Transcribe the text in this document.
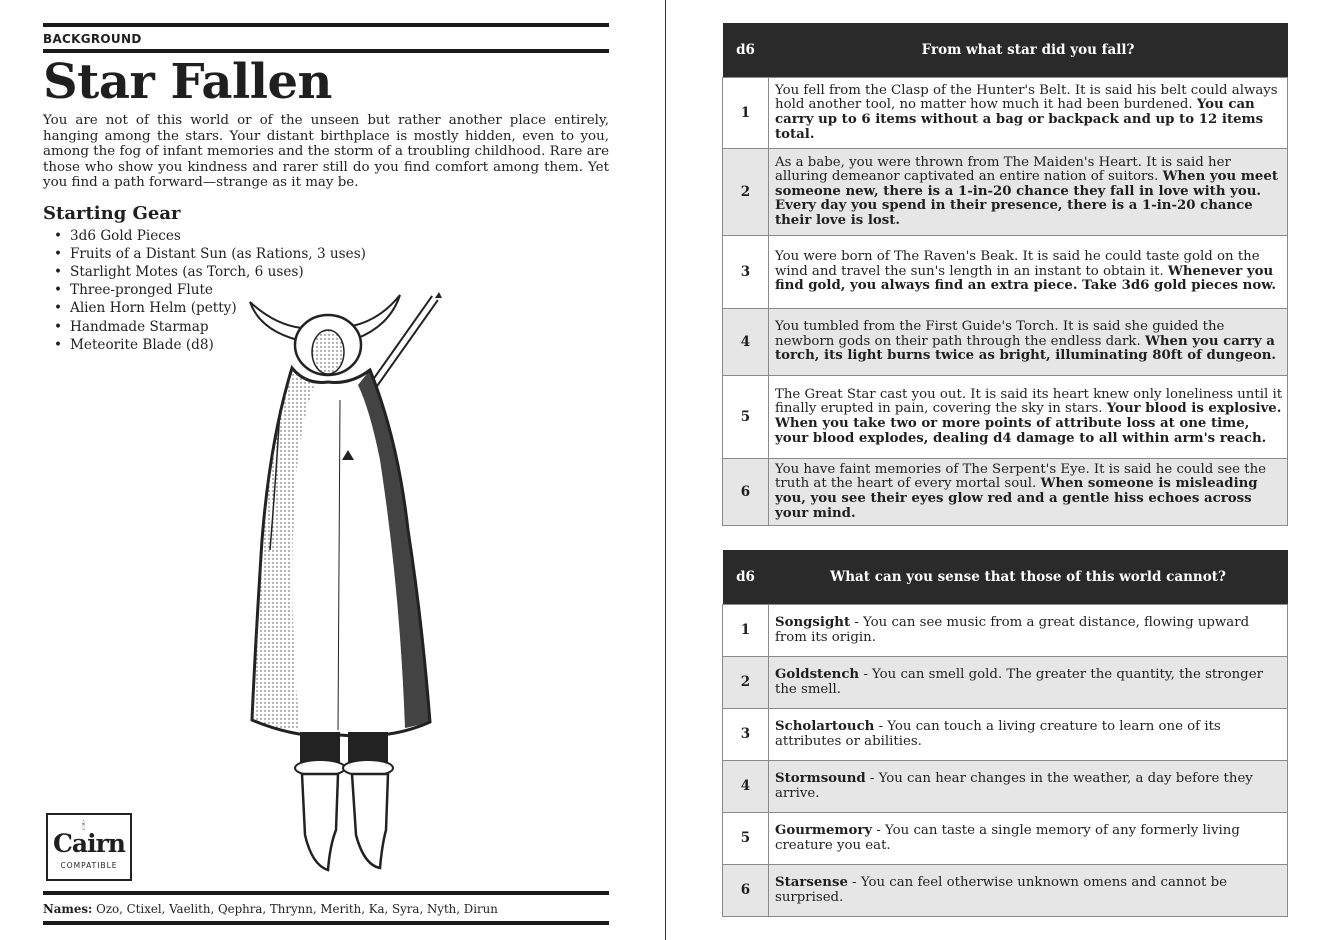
BACKGROUND
Star Fallen

You are not of this world or of the unseen but rather another place entirely, hanging among the stars. Your distant birthplace is mostly hidden, even to you, among the fog of infant memories and the storm of a troubling childhood. Rare are those who show you kindness and rarer still do you find comfort among them. Yet you find a path forward—strange as it may be.

Starting Gear
• 3d6 Gold Pieces
• Fruits of a Distant Sun (as Rations, 3 uses)
• Starlight Motes (as Torch, 6 uses)
• Three-pronged Flute
• Alien Horn Helm (petty)
• Handmade Starmap
• Meteorite Blade (d8)
🕯
Cairn
COMPATIBLE
Names: Ozo, Ctixel, Vaelith, Qephra, Thrynn, Merith, Ka, Syra, Nyth, Dirun
d6	From what star did you fall?
1	You fell from the Clasp of the Hunter's Belt. It is said his belt could always hold another tool, no matter how much it had been burdened. You can carry up to 6 items without a bag or backpack and up to 12 items total.
2	As a babe, you were thrown from The Maiden's Heart. It is said her alluring demeanor captivated an entire nation of suitors. When you meet someone new, there is a 1-in-20 chance they fall in love with you. Every day you spend in their presence, there is a 1-in-20 chance their love is lost.
3	You were born of The Raven's Beak. It is said he could taste gold on the wind and travel the sun's length in an instant to obtain it. Whenever you find gold, you always find an extra piece. Take 3d6 gold pieces now.
4	You tumbled from the First Guide's Torch. It is said she guided the newborn gods on their path through the endless dark. When you carry a torch, its light burns twice as bright, illuminating 80ft of dungeon.
5	The Great Star cast you out. It is said its heart knew only loneliness until it finally erupted in pain, covering the sky in stars. Your blood is explosive. When you take two or more points of attribute loss at one time, your blood explodes, dealing d4 damage to all within arm's reach.
6	You have faint memories of The Serpent's Eye. It is said he could see the truth at the heart of every mortal soul. When someone is misleading you, you see their eyes glow red and a gentle hiss echoes across your mind.
d6	What can you sense that those of this world cannot?
1	Songsight - You can see music from a great distance, flowing upward from its origin.
2	Goldstench - You can smell gold. The greater the quantity, the stronger the smell.
3	Scholartouch - You can touch a living creature to learn one of its attributes or abilities.
4	Stormsound - You can hear changes in the weather, a day before they arrive.
5	Gourmemory - You can taste a single memory of any formerly living creature you eat.
6	Starsense - You can feel otherwise unknown omens and cannot be surprised.
